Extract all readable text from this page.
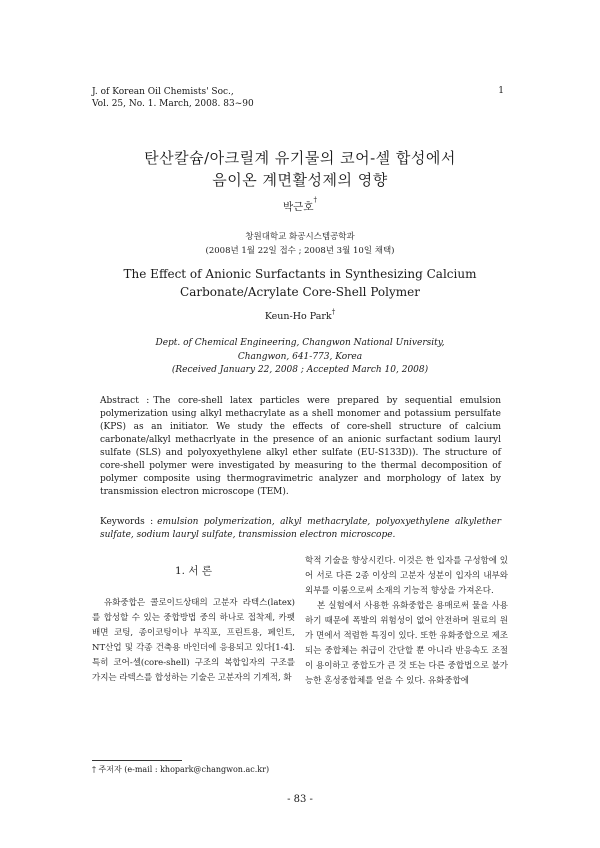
J. of Korean Oil Chemists' Soc.,
Vol. 25, No. 1. March, 2008. 83~90
1
탄산칼슘/아크릴계 유기물의 코어-셀 합성에서
음이온 계면활성제의 영향
박근호†
창원대학교 화공시스템공학과
(2008년 1월 22일 접수 ; 2008년 3월 10일 채택)
The Effect of Anionic Surfactants in Synthesizing Calcium
Carbonate/Acrylate Core-Shell Polymer
Keun-Ho Park†
Dept. of Chemical Engineering, Changwon National University,
Changwon, 641-773, Korea
(Received January 22, 2008 ; Accepted March 10, 2008)
Abstract : The core-shell latex particles were prepared by sequential emulsion polymerization using alkyl methacrylate as a shell monomer and potassium persulfate (KPS) as an initiator. We study the effects of core-shell structure of calcium carbonate/alkyl methacrlyate in the presence of an anionic surfactant sodium lauryl sulfate (SLS) and polyoxyethylene alkyl ether sulfate (EU-S133D)). The structure of core-shell polymer were investigated by measuring to the thermal decomposition of polymer composite using thermogravimetric analyzer and morphology of latex by transmission electron microscope (TEM).
Keywords : emulsion polymerization, alkyl methacrylate, polyoxyethylene alkylether sulfate, sodium lauryl sulfate, transmission electron microscope.
1. 서 론

유화중합은 콜로이드상태의 고분자 라텍스(latex)를 합성할 수 있는 중합방법 중의 하나로 접착제, 카펫 배면 코팅, 종이코팅이나 부직포, 프린트용, 페인트, NT산업 및 각종 건축용 바인더에 응용되고 있다[1-4]. 특히 코어-셀(core-shell) 구조의 복합입자의 구조를 가지는 라텍스를 합성하는 기술은 고분자의 기계적, 화

학적 기술을 향상시킨다. 이것은 한 입자를 구성함에 있어 서로 다른 2종 이상의 고분자 성분이 입자의 내부와 외부를 이룸으로써 소재의 기능적 향상을 가져온다.

본 실험에서 사용한 유화중합은 용매로써 물을 사용하기 때문에 폭발의 위험성이 없어 안전하며 원료의 원가 면에서 적렴한 특징이 있다. 또한 유화중합으로 제조되는 중합체는 취급이 간단할 뿐 아니라 반응속도 조절이 용이하고 중합도가 큰 것 또는 다른 중합법으로 불가능한 혼성중합체를 얻을 수 있다. 유화중합에

† 주저자 (e-mail : khopark@changwon.ac.kr)
- 83 -
